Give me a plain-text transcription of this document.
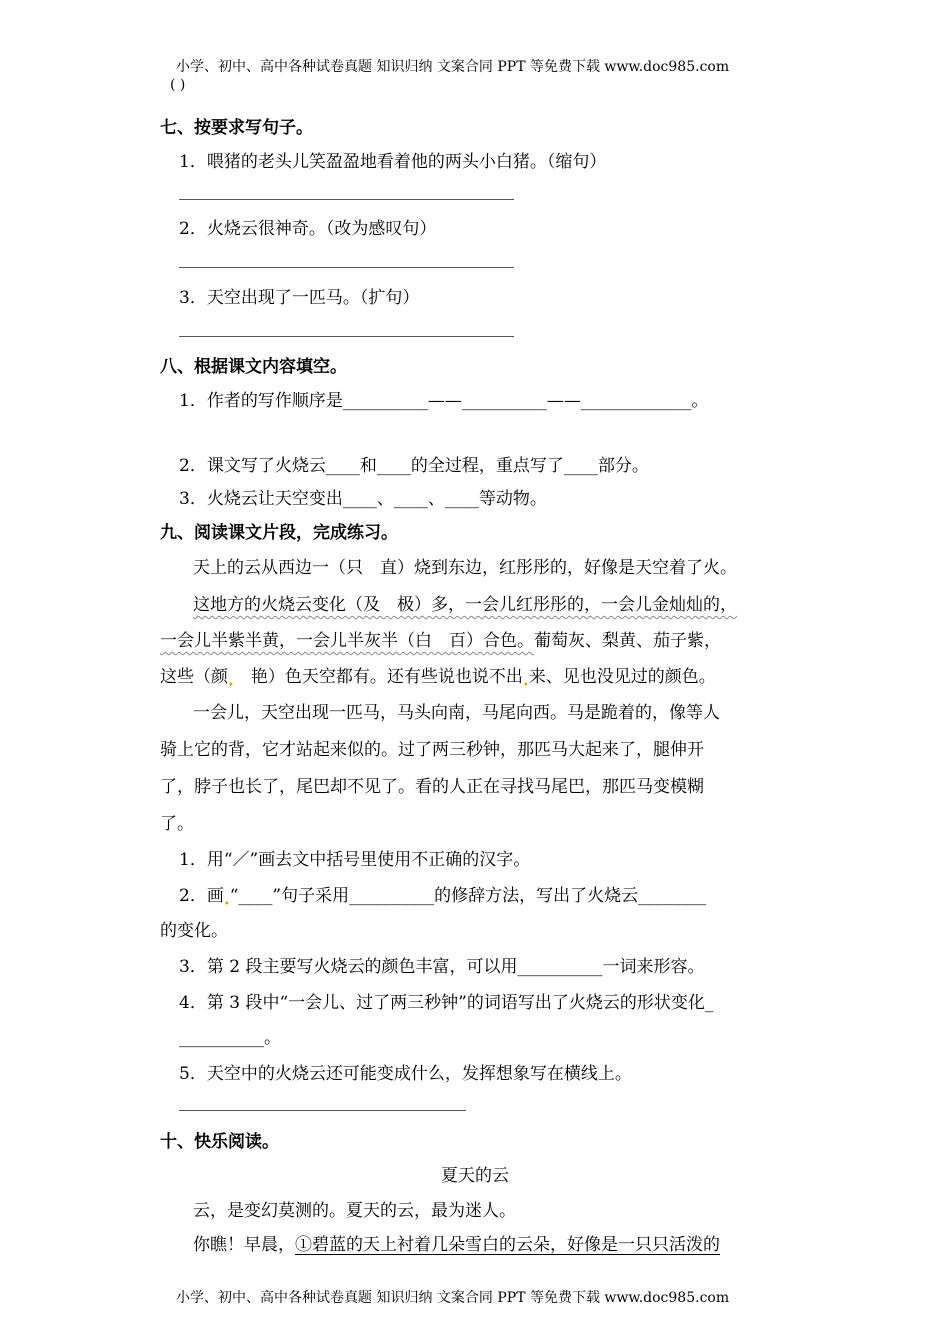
小学、初中、高中各种试卷真题 知识归纳 文案合同 PPT 等免费下载 www.doc985.com
( )
七、按要求写句子。
1．喂猪的老头儿笑盈盈地看着他的两头小白猪。（缩句）
2．火烧云很神奇。（改为感叹句）
3．天空出现了一匹马。（扩句）
八、根据课文内容填空。
1．作者的写作顺序是__________——__________——_____________。
2．课文写了火烧云____和____的全过程，重点写了____部分。
3．火烧云让天空变出____、____、____等动物。
九、阅读课文片段，完成练习。
天上的云从西边一（只　直）烧到东边，红彤彤的，好像是天空着了火。
这地方的火烧云变化（及　极）多，一会儿红彤彤的，一会儿金灿灿的，
一会儿半紫半黄，一会儿半灰半（白　百）合色。葡萄灰、梨黄、茄子紫，
这些（颜$_•$　 艳）色天空都有。还有些说也说不出$_•$来、见也没见过的颜色。
一会儿，天空出现一匹马，马头向南，马尾向西。马是跪着的，像等人
骑上它的背，它才站起来似的。过了两三秒钟，那匹马大起来了，腿伸开
了，脖子也长了，尾巴却不见了。看的人正在寻找马尾巴，那匹马变模糊
了。
1．用“／”画去文中括号里使用不正确的汉字。
2．画$_•$“____”句子采用__________的修辞方法，写出了火烧云________
的变化。
3．第 2 段主要写火烧云的颜色丰富，可以用__________一词来形容。
4．第 3 段中“一会儿、过了两三秒钟”的词语写出了火烧云的形状变化_
__________。
5．天空中的火烧云还可能变成什么，发挥想象写在横线上。
十、快乐阅读。
夏天的云
云，是变幻莫测的。夏天的云，最为迷人。
你瞧！早晨，①碧蓝的天上衬着几朵雪白的云朵，好像是一只只活泼的
小学、初中、高中各种试卷真题 知识归纳 文案合同 PPT 等免费下载 www.doc985.com
